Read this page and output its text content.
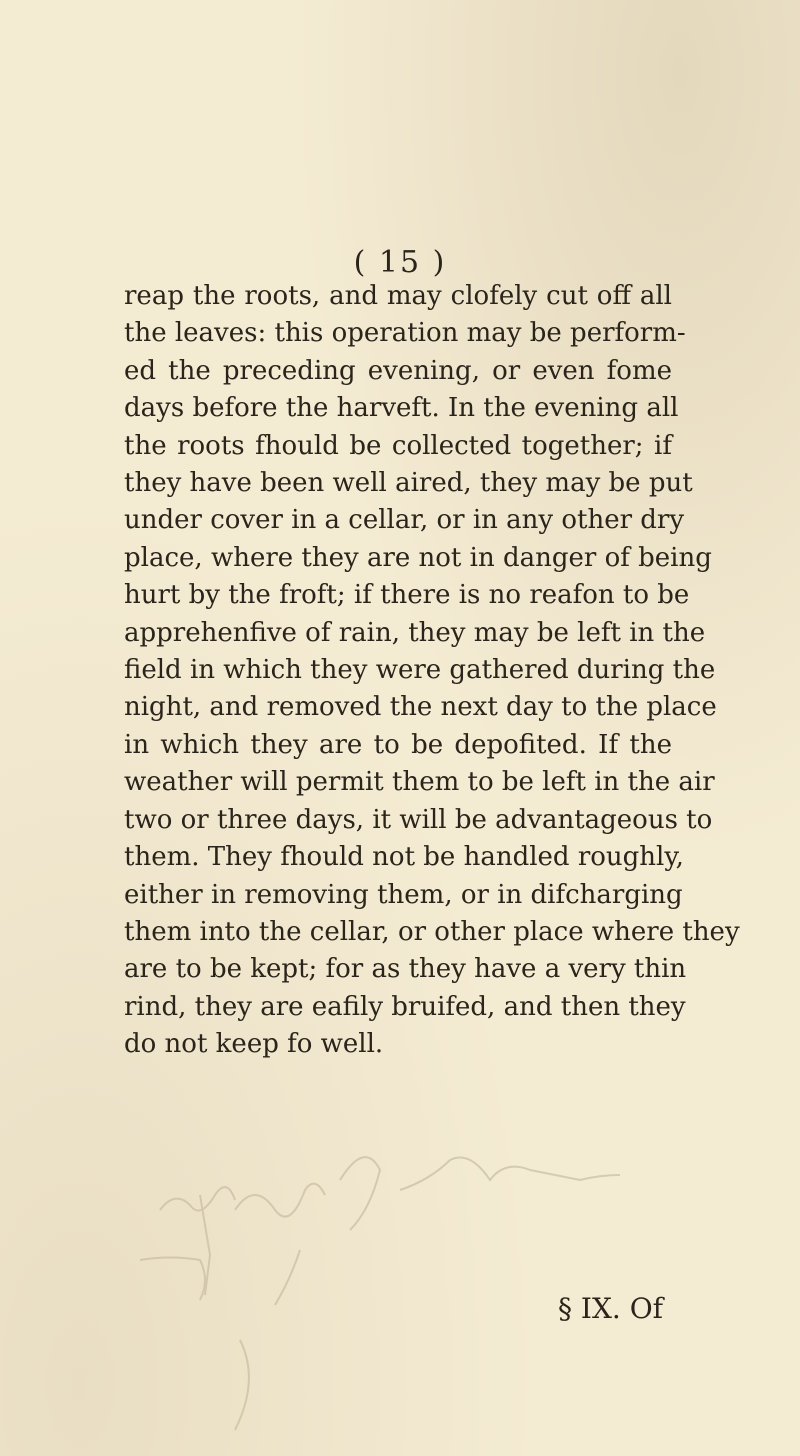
( 15 )
reap the roots, and may clofely cut off all
the leaves: this operation may be perform-
ed the preceding evening, or even fome
days before the harveft. In the evening all
the roots fhould be collected together; if
they have been well aired, they may be put
under cover in a cellar, or in any other dry
place, where they are not in danger of being
hurt by the froft; if there is no reafon to be
apprehenfive of rain, they may be left in the
field in which they were gathered during the
night, and removed the next day to the place
in which they are to be depofited. If the
weather will permit them to be left in the air
two or three days, it will be advantageous to
them. They fhould not be handled roughly,
either in removing them, or in difcharging
them into the cellar, or other place where they
are to be kept; for as they have a very thin
rind, they are eafily bruifed, and then they
do not keep fo well.
§ IX. Of
